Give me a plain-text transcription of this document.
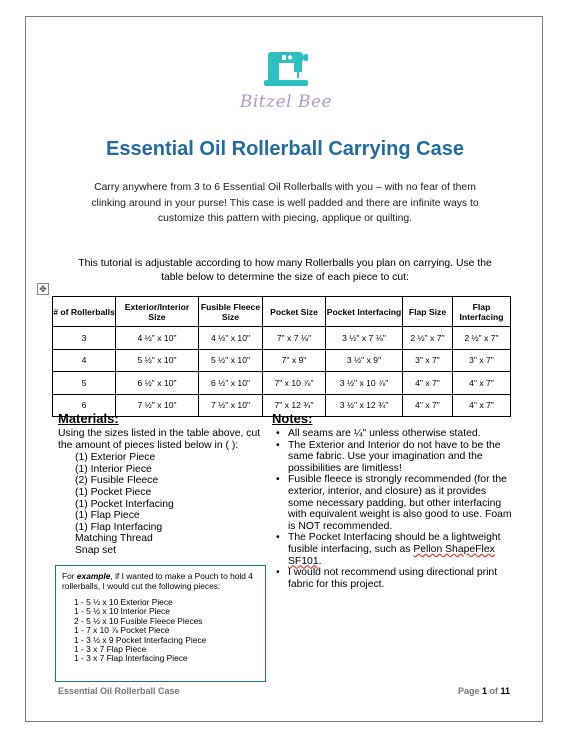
Bitzel Bee
Essential Oil Rollerball Carrying Case
Carry anywhere from 3 to 6 Essential Oil Rollerballs with you – with no fear of them clinking around in your purse! This case is well padded and there are infinite ways to customize this pattern with piecing, applique or quilting.
This tutorial is adjustable according to how many Rollerballs you plan on carrying. Use the table below to determine the size of each piece to cut:
✥
# of Rollerballs	Exterior/Interior Size	Fusible Fleece Size	Pocket Size	Pocket Interfacing	Flap Size	Flap Interfacing
3	4 ½" x 10"	4 ½" x 10"	7" x 7 ⅛"	3 ½" x 7 ⅛"	2 ½" x 7"	2 ½" x 7"
4	5 ½" x 10"	5 ½" x 10"	7" x 9"	3 ½" x 9"	3" x 7"	3" x 7"
5	6 ½" x 10"	6 ½" x 10"	7" x 10 ⅞"	3 ½" x 10 ⅞"	4" x 7"	4" x 7"
6	7 ½" x 10"	7 ½" x 10"	7" x 12 ¾"	3 ½" x 12 ¾"	4" x 7"	4" x 7"
Materials:
Using the sizes listed in the table above, cut the amount of pieces listed below in ( ):
(1) Exterior Piece
(1) Interior Piece
(2) Fusible Fleece
(1) Pocket Piece
(1) Pocket Interfacing
(1) Flap Piece
(1) Flap Interfacing
Matching Thread
Snap set
Notes:
• All seams are ¼" unless otherwise stated.
• The Exterior and Interior do not have to be the same fabric. Use your imagination and the possibilities are limitless!
• Fusible fleece is strongly recommended (for the exterior, interior, and closure) as it provides some necessary padding, but other interfacing with equivalent weight is also good to use. Foam is NOT recommended.
• The Pocket Interfacing should be a lightweight fusible interfacing, such as Pellon ShapeFlex SF101.
• I would not recommend using directional print fabric for this project.
For example, if I wanted to make a Pouch to hold 4 rollerballs, I would cut the following pieces:
1 - 5 ½ x 10 Exterior Piece
1 - 5 ½ x 10 Interior Piece
2 - 5 ½ x 10 Fusible Fleece Pieces
1 - 7 x 10 ⅞ Pocket Piece
1 - 3 ½ x 9 Pocket Interfacing Piece
1 - 3 x 7 Flap Piece
1 - 3 x 7 Flap Interfacing Piece
Essential Oil Rollerball Case	Page 1 of 11
